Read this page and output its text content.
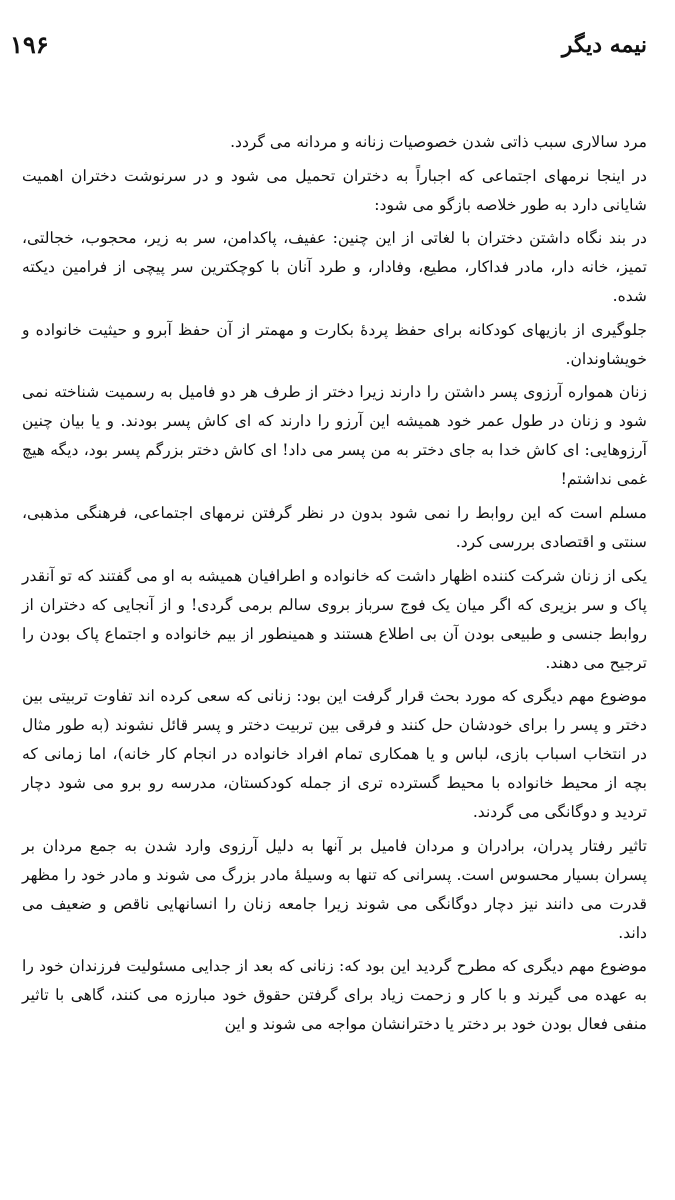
نیمه دیگر
۱۹۶

مرد سالاری سبب ذاتی شدن خصوصیات زنانه و مردانه می گردد.

در اینجا نرمهای اجتماعی که اجباراً به دختران تحمیل می شود و در سرنوشت دختران اهمیت شایانی دارد به طور خلاصه بازگو می شود:

در بند نگاه داشتن دختران با لغاتی از این چنین: عفیف، پاکدامن، سر به زیر، محجوب، خجالتی، تمیز، خانه دار، مادر فداکار، مطیع، وفادار، و طرد آنان با کوچکترین سر پیچی از فرامین دیکته شده.

جلوگیری از بازیهای کودکانه برای حفظ پردهٔ بکارت و مهمتر از آن حفظ آبرو و حیثیت خانواده و خویشاوندان.

زنان همواره آرزوی پسر داشتن را دارند زیرا دختر از طرف هر دو فامیل به رسمیت شناخته نمی شود و زنان در طول عمر خود همیشه این آرزو را دارند که ای کاش پسر بودند. و یا بیان چنین آرزوهایی: ای کاش خدا به جای دختر به من پسر می داد! ای کاش دختر بزرگم پسر بود، دیگه هیچ غمی نداشتم!

مسلم است که این روابط را نمی شود بدون در نظر گرفتن نرمهای اجتماعی، فرهنگی مذهبی، سنتی و اقتصادی بررسی کرد.

یکی از زنان شرکت کننده اظهار داشت که خانواده و اطرافیان همیشه به او می گفتند که تو آنقدر پاک و سر بزیری که اگر میان یک فوج سرباز بروی سالم برمی گردی! و از آنجایی که دختران از روابط جنسی و طبیعی بودن آن بی اطلاع هستند و همینطور از بیم خانواده و اجتماع پاک بودن را ترجیح می دهند.

موضوع مهم دیگری که مورد بحث قرار گرفت این بود: زنانی که سعی کرده اند تفاوت تربیتی بین دختر و پسر را برای خودشان حل کنند و فرقی بین تربیت دختر و پسر قائل نشوند (به طور مثال در انتخاب اسباب بازی، لباس و یا همکاری تمام افراد خانواده در انجام کار خانه)، اما زمانی که بچه از محیط خانواده با محیط گسترده تری از جمله کودکستان، مدرسه رو برو می شود دچار تردید و دوگانگی می گردند.

تاثیر رفتار پدران، برادران و مردان فامیل بر آنها به دلیل آرزوی وارد شدن به جمع مردان بر پسران بسیار محسوس است. پسرانی که تنها به وسیلهٔ مادر بزرگ می شوند و مادر خود را مظهر قدرت می دانند نیز دچار دوگانگی می شوند زیرا جامعه زنان را انسانهایی ناقص و ضعیف می داند.

موضوع مهم دیگری که مطرح گردید این بود که: زنانی که بعد از جدایی مسئولیت فرزندان خود را به عهده می گیرند و با کار و زحمت زیاد برای گرفتن حقوق خود مبارزه می کنند، گاهی با تاثیر منفی فعال بودن خود بر دختر یا دخترانشان مواجه می شوند و این
